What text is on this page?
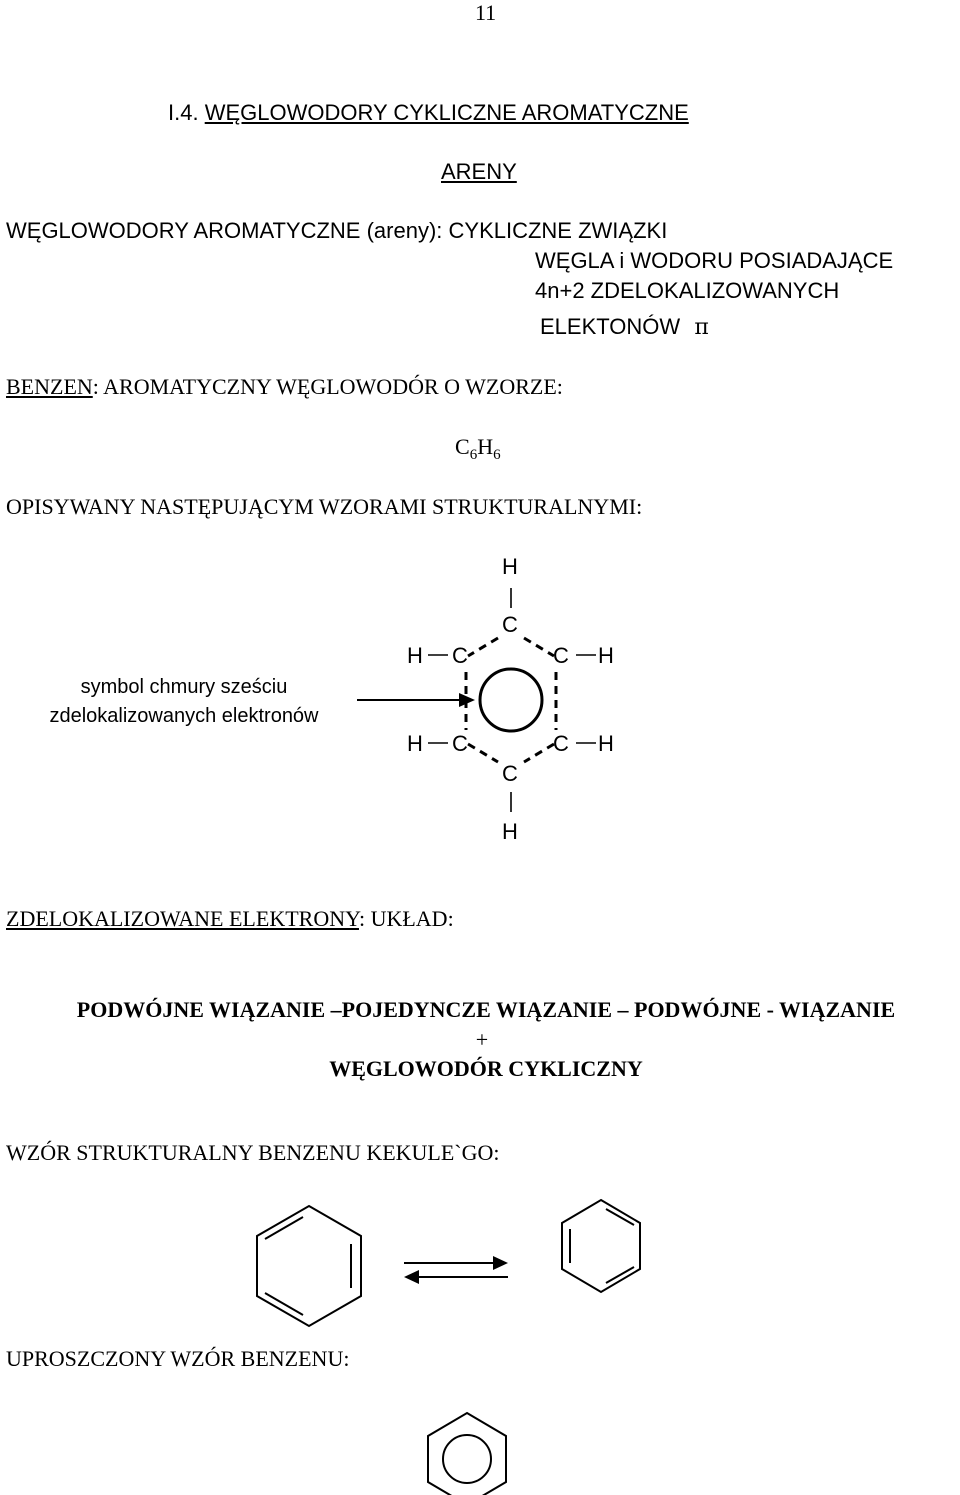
11
I.4. WĘGLOWODORY CYKLICZNE AROMATYCZNE
ARENY
WĘGLOWODORY AROMATYCZNE (areny): CYKLICZNE ZWIĄZKI
WĘGLA i WODORU POSIADAJĄCE
4n+2 ZDELOKALIZOWANYCH
ELEKTONÓW π
BENZEN: AROMATYCZNY WĘGLOWODÓR O WZORZE:
$C_6H_6$
OPISYWANY NASTĘPUJĄCYM WZORAMI STRUKTURALNYMI:
symbol chmury sześciu
zdelokalizowanych elektronów
H
C
H C	C H
H C	C H
C
H
ZDELOKALIZOWANE ELEKTRONY: UKŁAD:
PODWÓJNE WIĄZANIE –POJEDYNCZE WIĄZANIE – PODWÓJNE - WIĄZANIE
+
WĘGLOWODÓR CYKLICZNY
WZÓR STRUKTURALNY BENZENU KEKULE`GO:
UPROSZCZONY WZÓR BENZENU:
